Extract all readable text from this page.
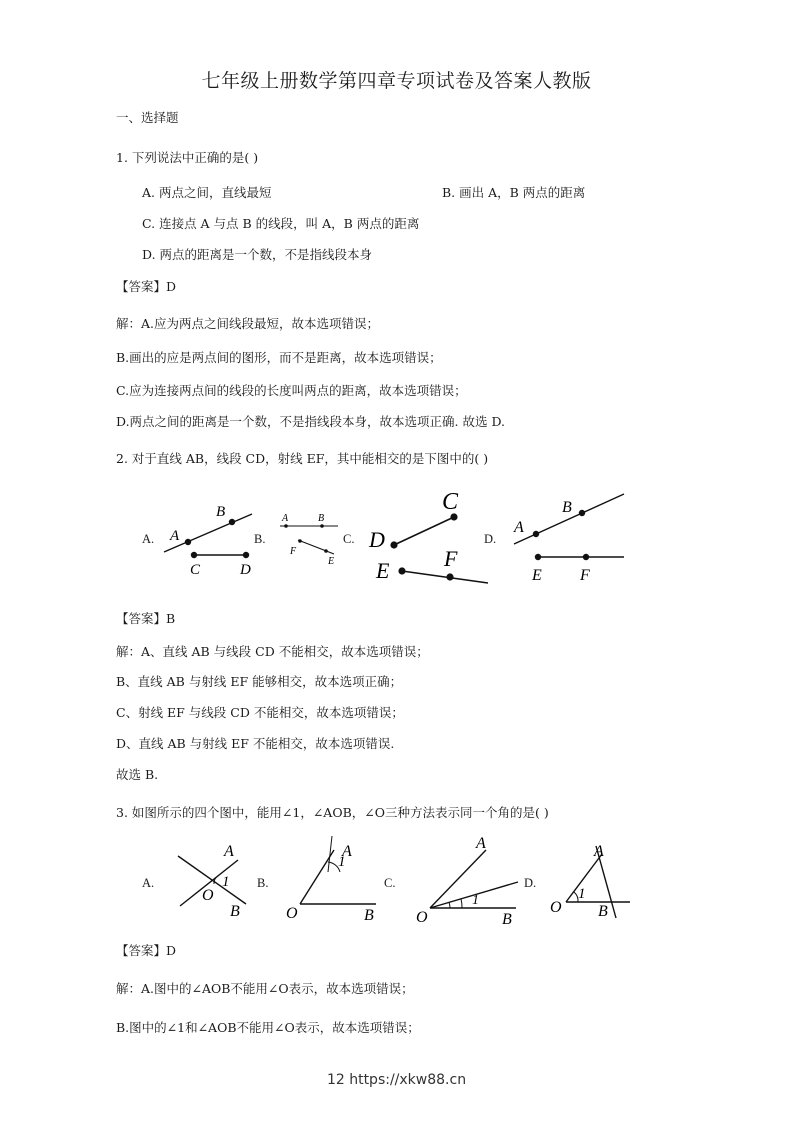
七年级上册数学第四章专项试卷及答案人教版
一、选择题
1. 下列说法中正确的是( )
A. 两点之间，直线最短	B. 画出 A，B 两点的距离
C. 连接点 A 与点 B 的线段，叫 A，B 两点的距离
D. 两点的距离是一个数，不是指线段本身
【答案】D
解：A.应为两点之间线段最短，故本选项错误；
B.画出的应是两点间的图形，而不是距离，故本选项错误；
C.应为连接两点间的线段的长度叫两点的距离，故本选项错误；
D.两点之间的距离是一个数，不是指线段本身，故本选项正确. 故选 D.
2. 对于直线 AB，线段 CD，射线 EF，其中能相交的是下图中的( )
A.	B.	C.	D.
A
B
C	D
A	B
F
E
C
D
E F
A
B
E F
【答案】B
解：A、直线 AB 与线段 CD 不能相交，故本选项错误；
B、直线 AB 与射线 EF 能够相交，故本选项正确；
C、射线 EF 与线段 CD 不能相交，故本选项错误；
D、直线 AB 与射线 EF 不能相交，故本选项错误.
故选 B.
3. 如图所示的四个图中，能用∠1，∠AOB，∠O三种方法表示同一个角的是( )
A.	B.	C.	D.
A
1
O
B
1
A
O	B
A
1
O	B
A
1
O B
【答案】D
解：A.图中的∠AOB不能用∠O表示，故本选项错误；
B.图中的∠1和∠AOB不能用∠O表示，故本选项错误；
12 https://xkw88.cn
